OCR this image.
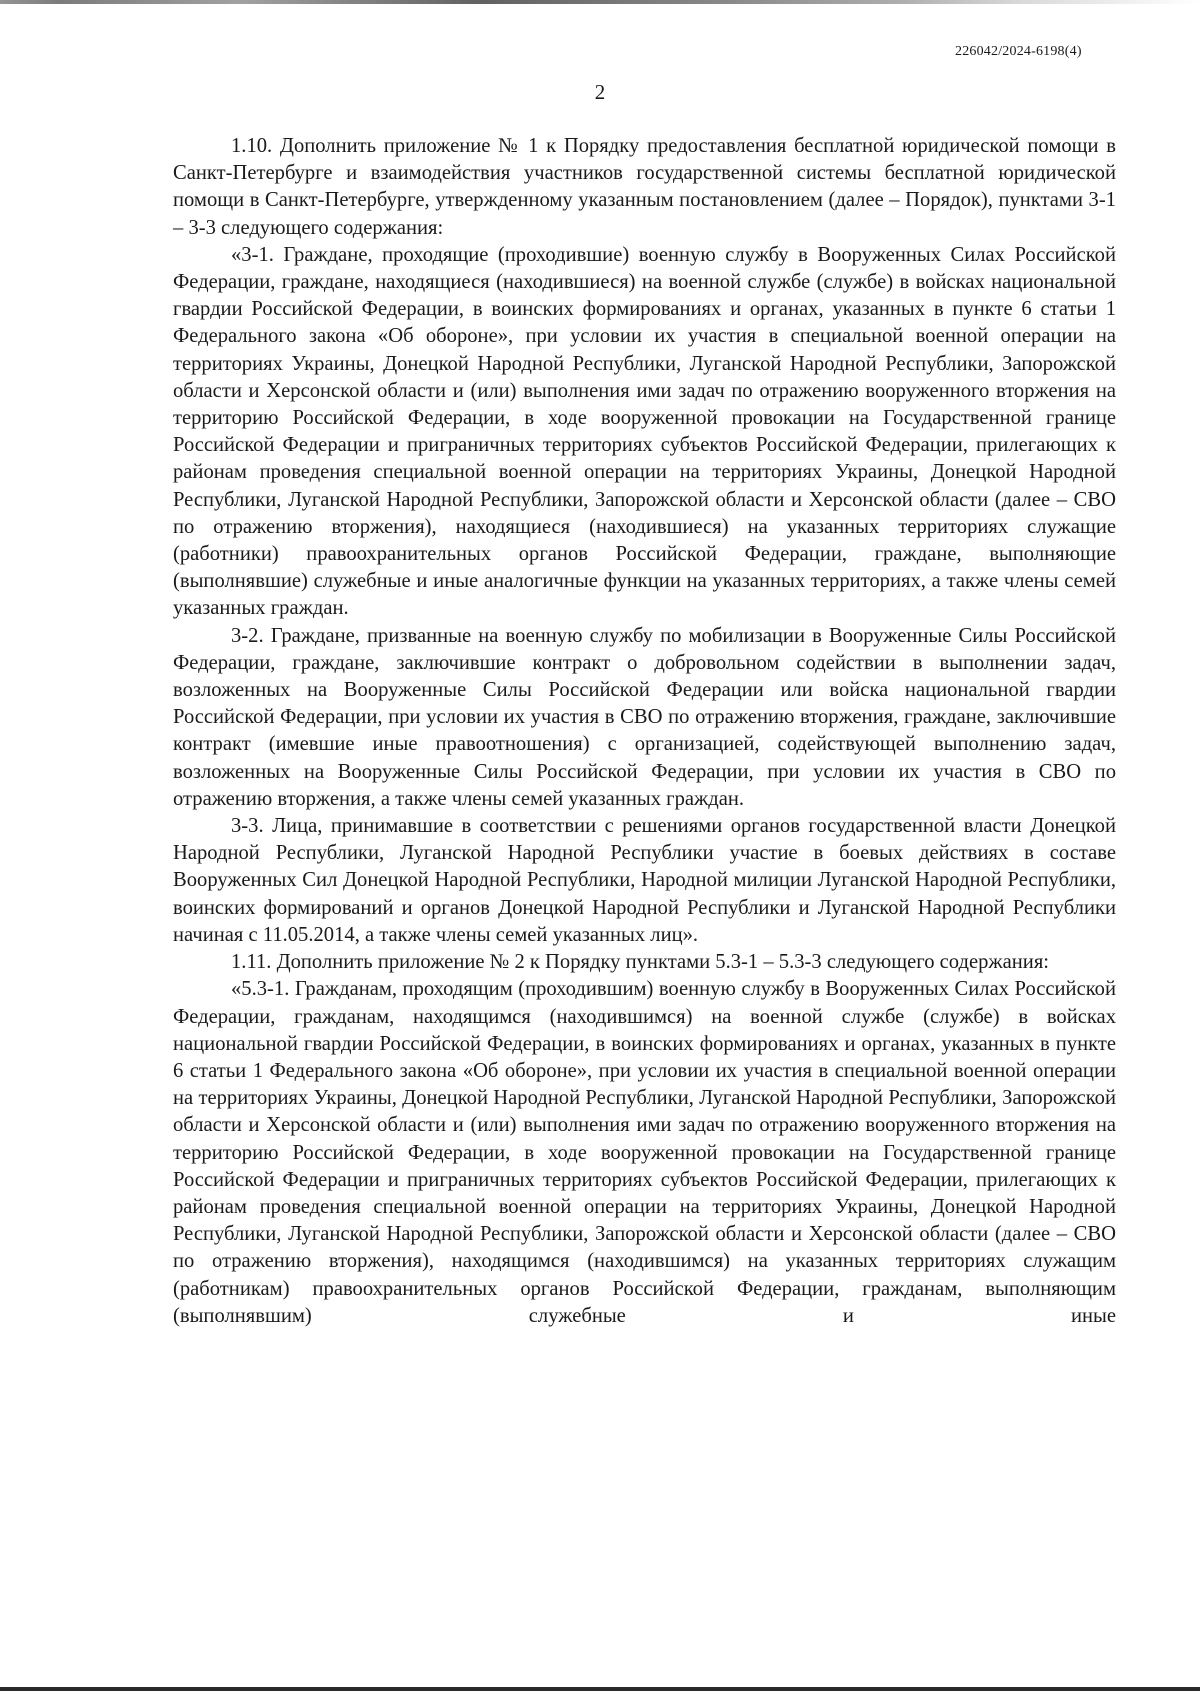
226042/2024-6198(4)
2

1.10. Дополнить приложение № 1 к Порядку предоставления бесплатной юридической помощи в Санкт-Петербурге и взаимодействия участников государственной системы бесплатной юридической помощи в Санкт-Петербурге, утвержденному указанным постановлением (далее – Порядок), пунктами 3-1 – 3-3 следующего содержания:

«3-1. Граждане, проходящие (проходившие) военную службу в Вооруженных Силах Российской Федерации, граждане, находящиеся (находившиеся) на военной службе (службе) в войсках национальной гвардии Российской Федерации, в воинских формированиях и органах, указанных в пункте 6 статьи 1 Федерального закона «Об обороне», при условии их участия в специальной военной операции на территориях Украины, Донецкой Народной Республики, Луганской Народной Республики, Запорожской области и Херсонской области и (или) выполнения ими задач по отражению вооруженного вторжения на территорию Российской Федерации, в ходе вооруженной провокации на Государственной границе Российской Федерации и приграничных территориях субъектов Российской Федерации, прилегающих к районам проведения специальной военной операции на территориях Украины, Донецкой Народной Республики, Луганской Народной Республики, Запорожской области и Херсонской области (далее – СВО по отражению вторжения), находящиеся (находившиеся) на указанных территориях служащие (работники) правоохранительных органов Российской Федерации, граждане, выполняющие (выполнявшие) служебные и иные аналогичные функции на указанных территориях, а также члены семей указанных граждан.

3-2. Граждане, призванные на военную службу по мобилизации в Вооруженные Силы Российской Федерации, граждане, заключившие контракт о добровольном содействии в выполнении задач, возложенных на Вооруженные Силы Российской Федерации или войска национальной гвардии Российской Федерации, при условии их участия в СВО по отражению вторжения, граждане, заключившие контракт (имевшие иные правоотношения) с организацией, содействующей выполнению задач, возложенных на Вооруженные Силы Российской Федерации, при условии их участия в СВО по отражению вторжения, а также члены семей указанных граждан.

3-3. Лица, принимавшие в соответствии с решениями органов государственной власти Донецкой Народной Республики, Луганской Народной Республики участие в боевых действиях в составе Вооруженных Сил Донецкой Народной Республики, Народной милиции Луганской Народной Республики, воинских формирований и органов Донецкой Народной Республики и Луганской Народной Республики начиная с 11.05.2014, а также члены семей указанных лиц».

1.11. Дополнить приложение № 2 к Порядку пунктами 5.3-1 – 5.3-3 следующего содержания:

«5.3-1. Гражданам, проходящим (проходившим) военную службу в Вооруженных Силах Российской Федерации, гражданам, находящимся (находившимся) на военной службе (службе) в войсках национальной гвардии Российской Федерации, в воинских формированиях и органах, указанных в пункте 6 статьи 1 Федерального закона «Об обороне», при условии их участия в специальной военной операции на территориях Украины, Донецкой Народной Республики, Луганской Народной Республики, Запорожской области и Херсонской области и (или) выполнения ими задач по отражению вооруженного вторжения на территорию Российской Федерации, в ходе вооруженной провокации на Государственной границе Российской Федерации и приграничных территориях субъектов Российской Федерации, прилегающих к районам проведения специальной военной операции на территориях Украины, Донецкой Народной Республики, Луганской Народной Республики, Запорожской области и Херсонской области (далее – СВО по отражению вторжения), находящимся (находившимся) на указанных территориях служащим (работникам) правоохранительных органов Российской Федерации, гражданам, выполняющим (выполнявшим) служебные и иные
